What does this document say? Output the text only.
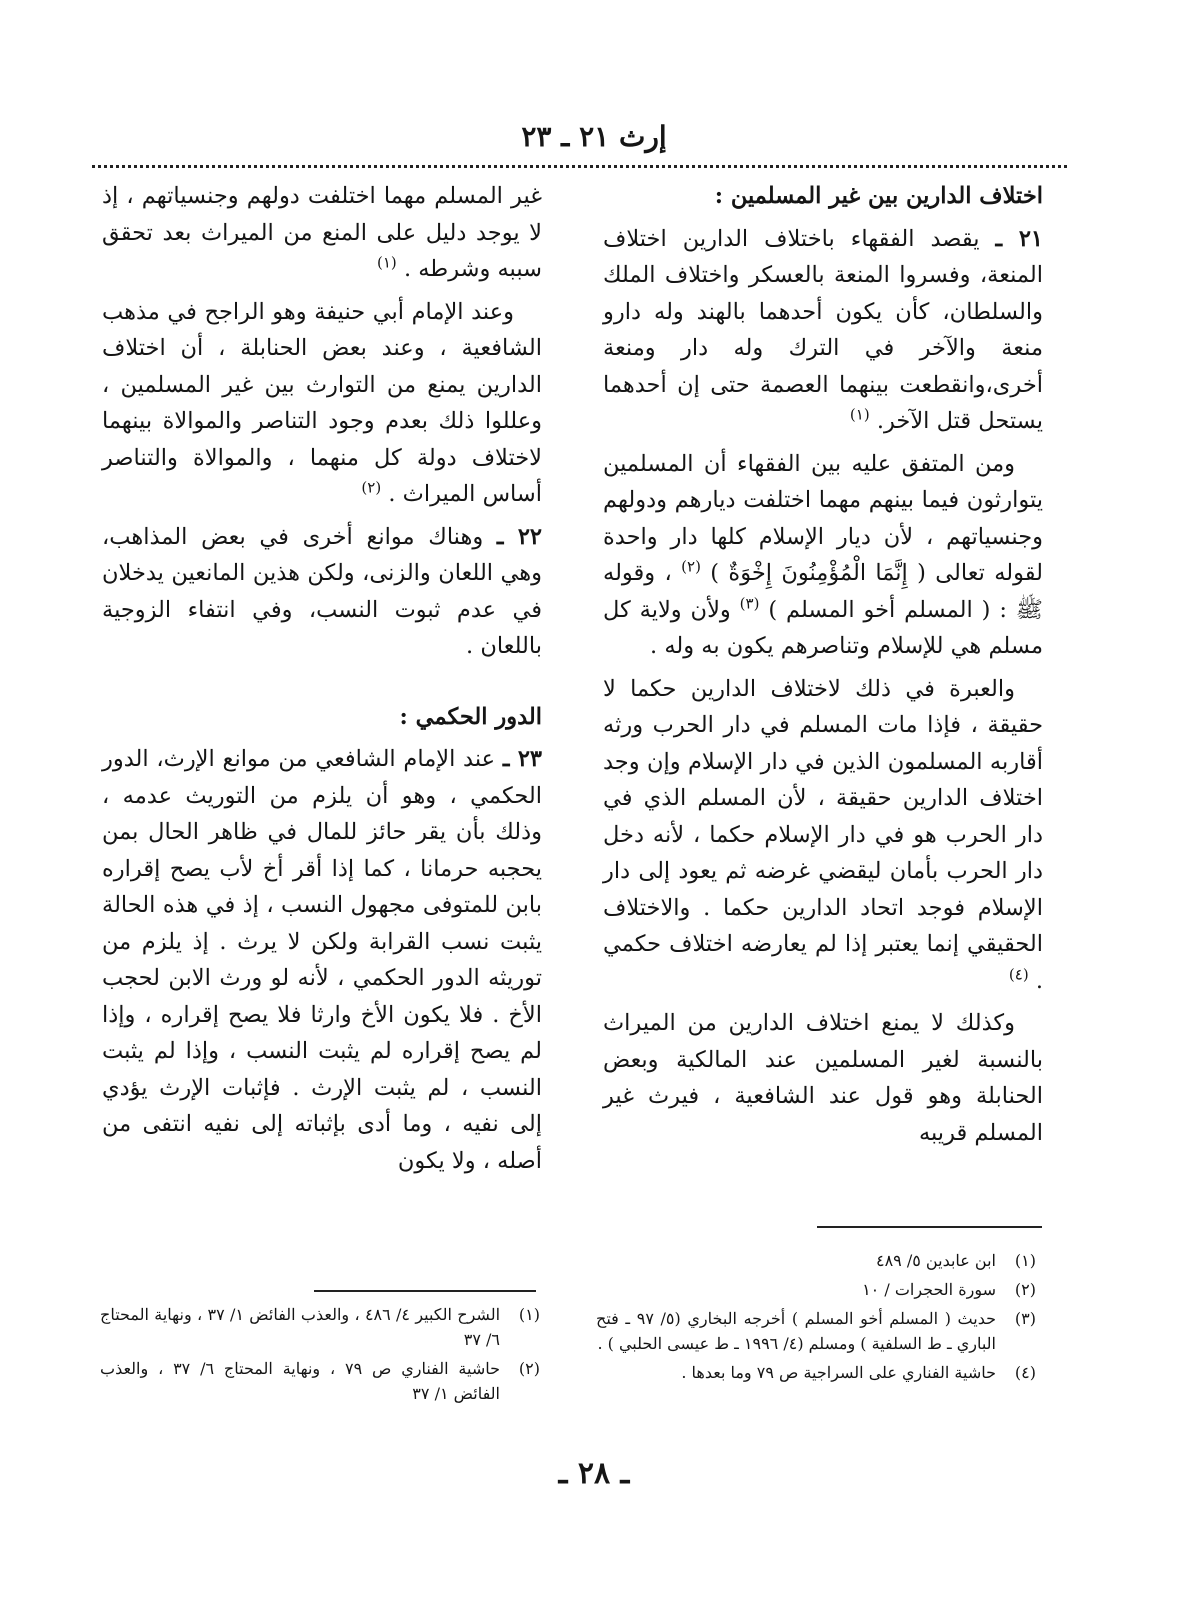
إرث ٢١ ـ ٢٣

اختلاف الدارين بين غير المسلمين :

٢١ ـ يقصد الفقهاء باختلاف الدارين اختلاف المنعة، وفسروا المنعة بالعسكر واختلاف الملك والسلطان، كأن يكون أحدهما بالهند وله دارو منعة والآخر في الترك وله دار ومنعة أخرى،وانقطعت بينهما العصمة حتى إن أحدهما يستحل قتل الآخر. $^{(١)}$

ومن المتفق عليه بين الفقهاء أن المسلمين يتوارثون فيما بينهم مهما اختلفت ديارهم ودولهم وجنسياتهم ، لأن ديار الإسلام كلها دار واحدة لقوله تعالى ( إِنَّمَا الْمُؤْمِنُونَ إِخْوَةٌ ) $^{(٢)}$ ، وقوله ﷺ : ( المسلم أخو المسلم ) $^{(٣)}$ ولأن ولاية كل مسلم هي للإسلام وتناصرهم يكون به وله .

والعبرة في ذلك لاختلاف الدارين حكما لا حقيقة ، فإذا مات المسلم في دار الحرب ورثه أقاربه المسلمون الذين في دار الإسلام وإن وجد اختلاف الدارين حقيقة ، لأن المسلم الذي في دار الحرب هو في دار الإسلام حكما ، لأنه دخل دار الحرب بأمان ليقضي غرضه ثم يعود إلى دار الإسلام فوجد اتحاد الدارين حكما . والاختلاف الحقيقي إنما يعتبر إذا لم يعارضه اختلاف حكمي . $^{(٤)}$

وكذلك لا يمنع اختلاف الدارين من الميراث بالنسبة لغير المسلمين عند المالكية وبعض الحنابلة وهو قول عند الشافعية ، فيرث غير المسلم قريبه

غير المسلم مهما اختلفت دولهم وجنسياتهم ، إذ لا يوجد دليل على المنع من الميراث بعد تحقق سببه وشرطه . $^{(١)}$

وعند الإمام أبي حنيفة وهو الراجح في مذهب الشافعية ، وعند بعض الحنابلة ، أن اختلاف الدارين يمنع من التوارث بين غير المسلمين ، وعللوا ذلك بعدم وجود التناصر والموالاة بينهما لاختلاف دولة كل منهما ، والموالاة والتناصر أساس الميراث . $^{(٢)}$

٢٢ ـ وهناك موانع أخرى في بعض المذاهب، وهي اللعان والزنى، ولكن هذين المانعين يدخلان في عدم ثبوت النسب، وفي انتفاء الزوجية باللعان .

الدور الحكمي :

٢٣ ـ عند الإمام الشافعي من موانع الإرث، الدور الحكمي ، وهو أن يلزم من التوريث عدمه ، وذلك بأن يقر حائز للمال في ظاهر الحال بمن يحجبه حرمانا ، كما إذا أقر أخ لأب يصح إقراره بابن للمتوفى مجهول النسب ، إذ في هذه الحالة يثبت نسب القرابة ولكن لا يرث . إذ يلزم من توريثه الدور الحكمي ، لأنه لو ورث الابن لحجب الأخ . فلا يكون الأخ وارثا فلا يصح إقراره ، وإذا لم يصح إقراره لم يثبت النسب ، وإذا لم يثبت النسب ، لم يثبت الإرث . فإثبات الإرث يؤدي إلى نفيه ، وما أدى بإثباته إلى نفيه انتفى من أصله ، ولا يكون

(١)
ابن عابدين ٥/ ٤٨٩

(٢)
سورة الحجرات / ١٠

(٣)
حديث ( المسلم أخو المسلم ) أخرجه البخاري (٥/ ٩٧ ـ فتح الباري ـ ط السلفية ) ومسلم (٤/ ١٩٩٦ ـ ط عيسى الحلبي ) .

(٤)
حاشية الفناري على السراجية ص ٧٩ وما بعدها .

(١)
الشرح الكبير ٤/ ٤٨٦ ، والعذب الفائض ١/ ٣٧ ، ونهاية المحتاج ٦/ ٣٧

(٢)
حاشية الفناري ص ٧٩ ، ونهاية المحتاج ٦/ ٣٧ ، والعذب الفائض ١/ ٣٧

ـ ٢٨ ـ
